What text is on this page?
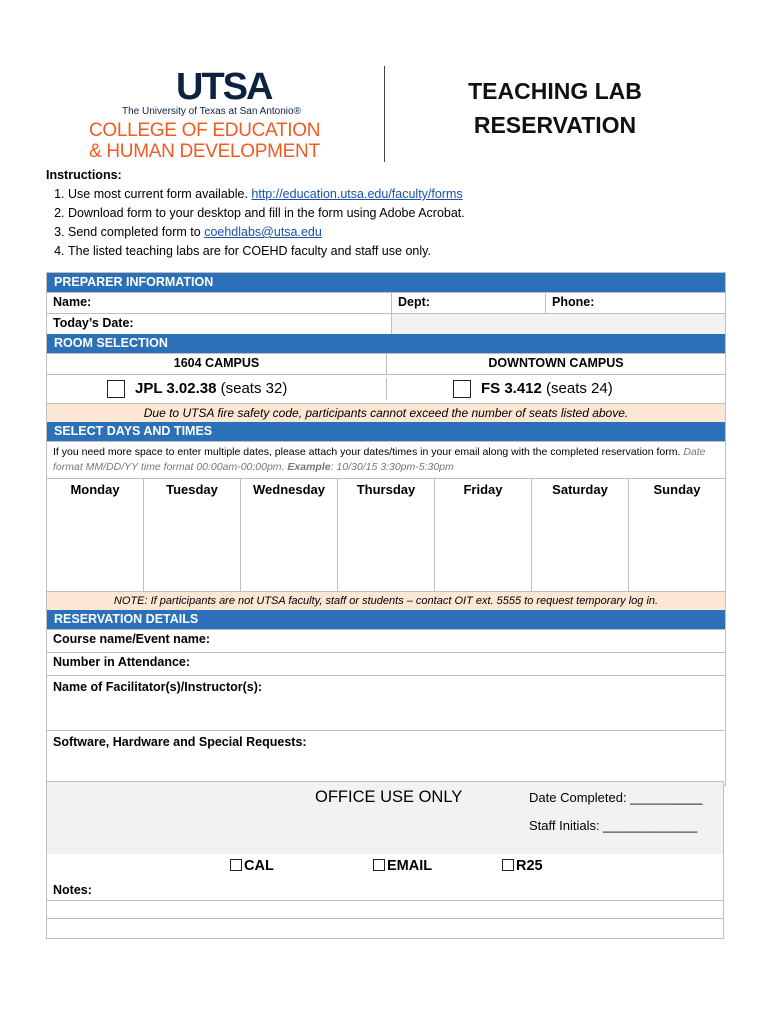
UTSA
The University of Texas at San Antonio®
COLLEGE OF EDUCATION
& HUMAN DEVELOPMENT
TEACHING LAB
RESERVATION
Instructions:
1. Use most current form available. http://education.utsa.edu/faculty/forms
2. Download form to your desktop and fill in the form using Adobe Acrobat.
3. Send completed form to coehdlabs@utsa.edu
4. The listed teaching labs are for COEHD faculty and staff use only.
PREPARER INFORMATION
Name:	Dept:	Phone:
Today’s Date:
ROOM SELECTION
1604 CAMPUS	DOWNTOWN CAMPUS
JPL 3.02.38 (seats 32)	FS 3.412 (seats 24)
Due to UTSA fire safety code, participants cannot exceed the number of seats listed above.
SELECT DAYS AND TIMES
If you need more space to enter multiple dates, please attach your dates/times in your email along with the completed reservation form. Date format MM/DD/YY time format 00:00am-00:00pm. Example: 10/30/15 3:30pm-5:30pm
Monday	Tuesday	Wednesday	Thursday	Friday	Saturday	Sunday
NOTE: If participants are not UTSA faculty, staff or students – contact OIT ext. 5555 to request temporary log in.
RESERVATION DETAILS
Course name/Event name:
Number in Attendance:
Name of Facilitator(s)/Instructor(s):
Software, Hardware and Special Requests:
OFFICE USE ONLY	Date Completed: __________
Staff Initials: _____________
CAL	EMAIL	R25
Notes:
